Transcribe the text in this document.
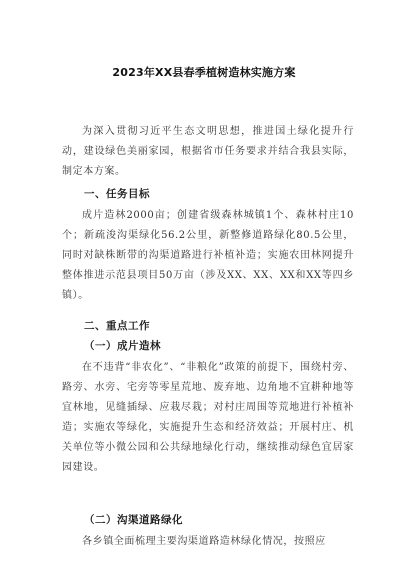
2023年XX县春季植树造林实施方案
为深入贯彻习近平生态文明思想，推进国土绿化提升行动，建设绿色美丽家园，根据省市任务要求并结合我县实际，制定本方案。
一、任务目标
成片造林2000亩；创建省级森林城镇1个、森林村庄10个；新疏浚沟渠绿化56.2公里，新整修道路绿化80.5公里，同时对缺株断带的沟渠道路进行补植补造；实施农田林网提升整体推进示范县项目50万亩（涉及XX、XX、XX和XX等四乡镇）。
二、重点工作
（一）成片造林
在不违背“非农化”、“非粮化”政策的前提下，围绕村旁、路旁、水旁、宅旁等零星荒地、废弃地、边角地不宜耕种地等宜林地，见缝插绿、应栽尽栽；对村庄周围等荒地进行补植补造；实施农等绿化，实施提升生态和经济效益；开展村庄、机关单位等小微公园和公共绿地绿化行动，继续推动绿色宜居家园建设。
（二）沟渠道路绿化
各乡镇全面梳理主要沟渠道路造林绿化情况，按照应
